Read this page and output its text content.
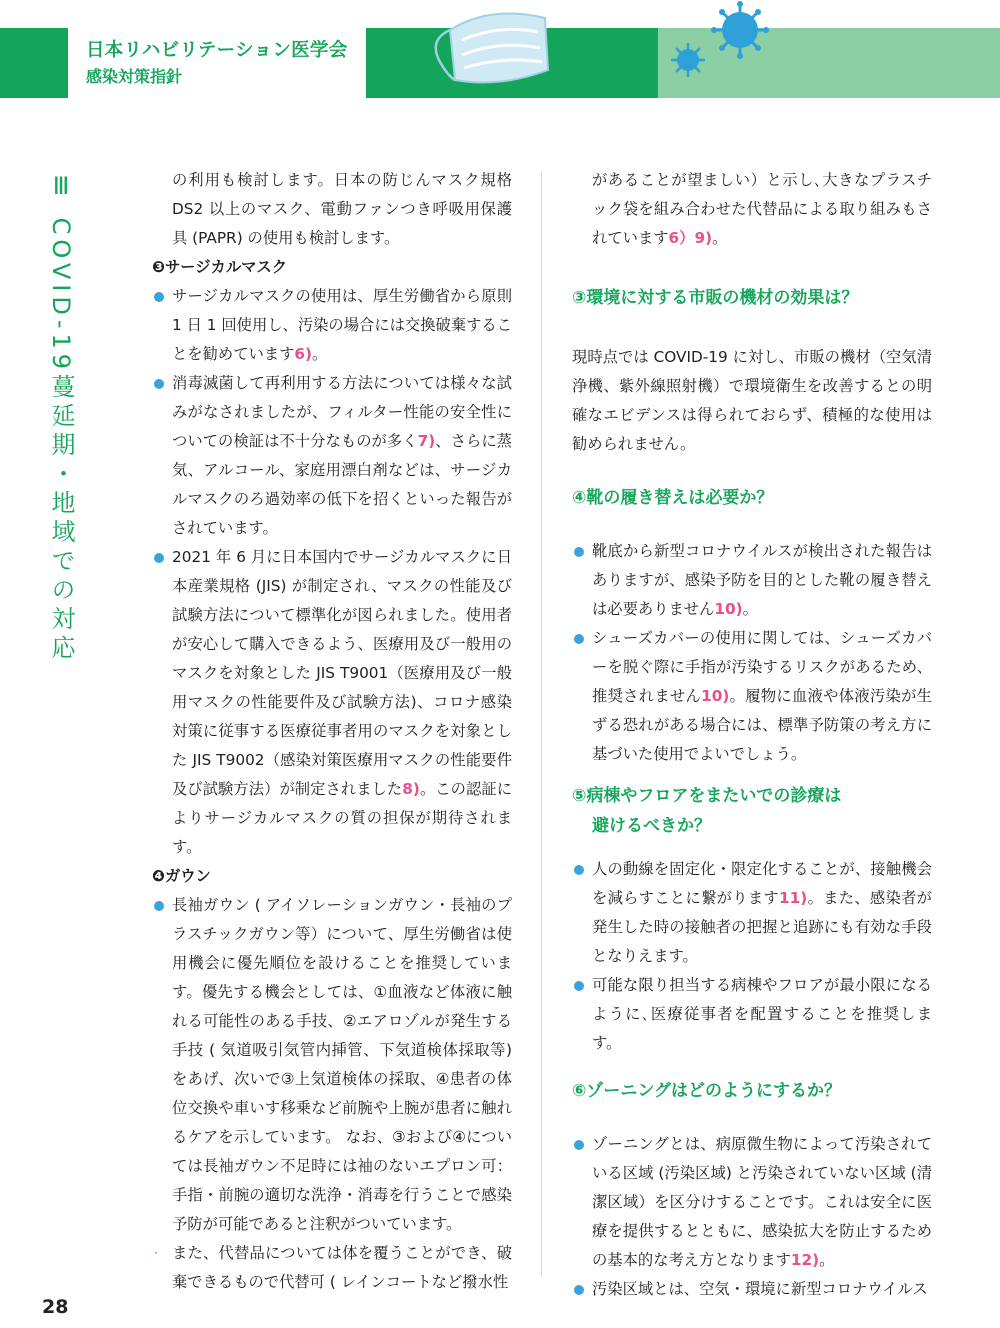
日本リハビリテーション医学会
感染対策指針
Ⅲ COVID-19蔓延期・地域での対応	の利用も検討します。日本の防じんマスク規格DS2 以上のマスク、電動ファンつき呼吸用保護具 (PAPR) の使用も検討します。

❸サージカルマスク

サージカルマスクの使用は、厚生労働省から原則1 日 1 回使用し、汚染の場合には交換破棄することを勧めています6)。

消毒滅菌して再利用する方法については様々な試みがなされましたが、フィルター性能の安全性についての検証は不十分なものが多く7)、さらに蒸気、アルコール、家庭用漂白剤などは、サージカルマスクのろ過効率の低下を招くといった報告がされています。

2021 年 6 月に日本国内でサージカルマスクに日本産業規格 (JIS) が制定され、マスクの性能及び試験方法について標準化が図られました。使用者が安心して購入できるよう、医療用及び一般用のマスクを対象とした JIS T9001（医療用及び一般用マスクの性能要件及び試験方法)、コロナ感染対策に従事する医療従事者用のマスクを対象とした JIS T9002（感染対策医療用マスクの性能要件及び試験方法）が制定されました8)。この認証によりサージカルマスクの質の担保が期待されます。

❹ガウン

長袖ガウン ( アイソレーションガウン・長袖のプラスチックガウン等）について、厚生労働省は使用機会に優先順位を設けることを推奨しています。優先する機会としては、①血液など体液に触れる可能性のある手技、②エアロゾルが発生する手技 ( 気道吸引気管内挿管、下気道検体採取等)をあげ、次いで③上気道検体の採取、④患者の体位交換や車いす移乗など前腕や上腕が患者に触れるケアを示しています。 なお、③および④については長袖ガウン不足時には袖のないエプロン可：手指・前腕の適切な洗浄・消毒を行うことで感染予防が可能であると注釈がついています。

· また、代替品については体を覆うことができ、破棄できるもので代替可 ( レインコートなど撥水性

があることが望ましい）と示し､大きなプラスチック袋を組み合わせた代替品による取り組みもされています6）9)。

③環境に対する市販の機材の効果は？

現時点では COVID-19 に対し、市販の機材（空気清浄機、紫外線照射機）で環境衛生を改善するとの明確なエビデンスは得られておらず、積極的な使用は勧められません。

④靴の履き替えは必要か？

靴底から新型コロナウイルスが検出された報告はありますが、感染予防を目的とした靴の履き替えは必要ありません10)。

シューズカバーの使用に関しては、シューズカバーを脱ぐ際に手指が汚染するリスクがあるため、推奨されません10)。履物に血液や体液汚染が生ずる恐れがある場合には、標準予防策の考え方に基づいた使用でよいでしょう。

⑤病棟やフロアをまたいでの診療は

避けるべきか？

人の動線を固定化・限定化することが、接触機会を減らすことに繋がります11)。また、感染者が発生した時の接触者の把握と追跡にも有効な手段となりえます。

可能な限り担当する病棟やフロアが最小限になるように､医療従事者を配置することを推奨します。

⑥ゾーニングはどのようにするか？

ゾーニングとは、病原微生物によって汚染されている区域 (汚染区域) と汚染されていない区域 (清潔区域）を区分けすることです。これは安全に医療を提供するとともに、感染拡大を防止するための基本的な考え方となります12)。

汚染区域とは、空気・環境に新型コロナウイルス

28
